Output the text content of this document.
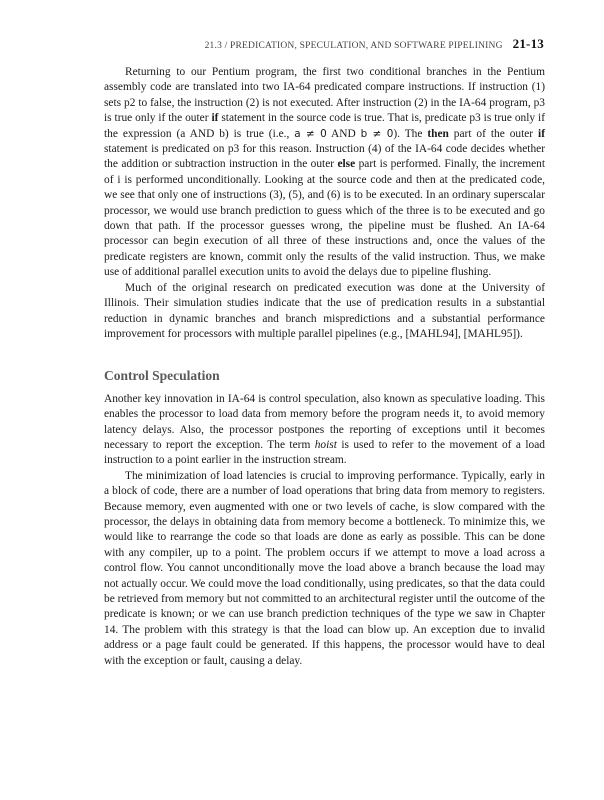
21.3 / PREDICATION, SPECULATION, AND SOFTWARE PIPELINING 21-13

Returning to our Pentium program, the first two conditional branches in the Pentium assembly code are translated into two IA-64 predicated compare instructions. If instruction (1) sets p2 to false, the instruction (2) is not executed. After instruction (2) in the IA-64 program, p3 is true only if the outer if statement in the source code is true. That is, predicate p3 is true only if the expression (a AND b) is true (i.e., a ≠ 0 AND b ≠ 0). The then part of the outer if statement is predicated on p3 for this reason. Instruction (4) of the IA-64 code decides whether the addition or subtraction instruction in the outer else part is performed. Finally, the increment of i is performed unconditionally. Looking at the source code and then at the predicated code, we see that only one of instructions (3), (5), and (6) is to be executed. In an ordinary superscalar processor, we would use branch prediction to guess which of the three is to be executed and go down that path. If the processor guesses wrong, the pipeline must be flushed. An IA-64 processor can begin execution of all three of these instructions and, once the values of the predicate registers are known, commit only the results of the valid instruction. Thus, we make use of additional parallel execution units to avoid the delays due to pipeline flushing.

Much of the original research on predicated execution was done at the University of Illinois. Their simulation studies indicate that the use of predication results in a substantial reduction in dynamic branches and branch mispredictions and a substantial performance improvement for processors with multiple parallel pipelines (e.g., [MAHL94], [MAHL95]).

Control Speculation

Another key innovation in IA-64 is control speculation, also known as speculative loading. This enables the processor to load data from memory before the program needs it, to avoid memory latency delays. Also, the processor postpones the reporting of exceptions until it becomes necessary to report the exception. The term hoist is used to refer to the movement of a load instruction to a point earlier in the instruction stream.

The minimization of load latencies is crucial to improving performance. Typically, early in a block of code, there are a number of load operations that bring data from memory to registers. Because memory, even augmented with one or two levels of cache, is slow compared with the processor, the delays in obtaining data from memory become a bottleneck. To minimize this, we would like to rearrange the code so that loads are done as early as possible. This can be done with any compiler, up to a point. The problem occurs if we attempt to move a load across a control flow. You cannot unconditionally move the load above a branch because the load may not actually occur. We could move the load conditionally, using predicates, so that the data could be retrieved from memory but not committed to an architectural register until the outcome of the predicate is known; or we can use branch prediction techniques of the type we saw in Chapter 14. The problem with this strategy is that the load can blow up. An exception due to invalid address or a page fault could be generated. If this happens, the processor would have to deal with the exception or fault, causing a delay.
